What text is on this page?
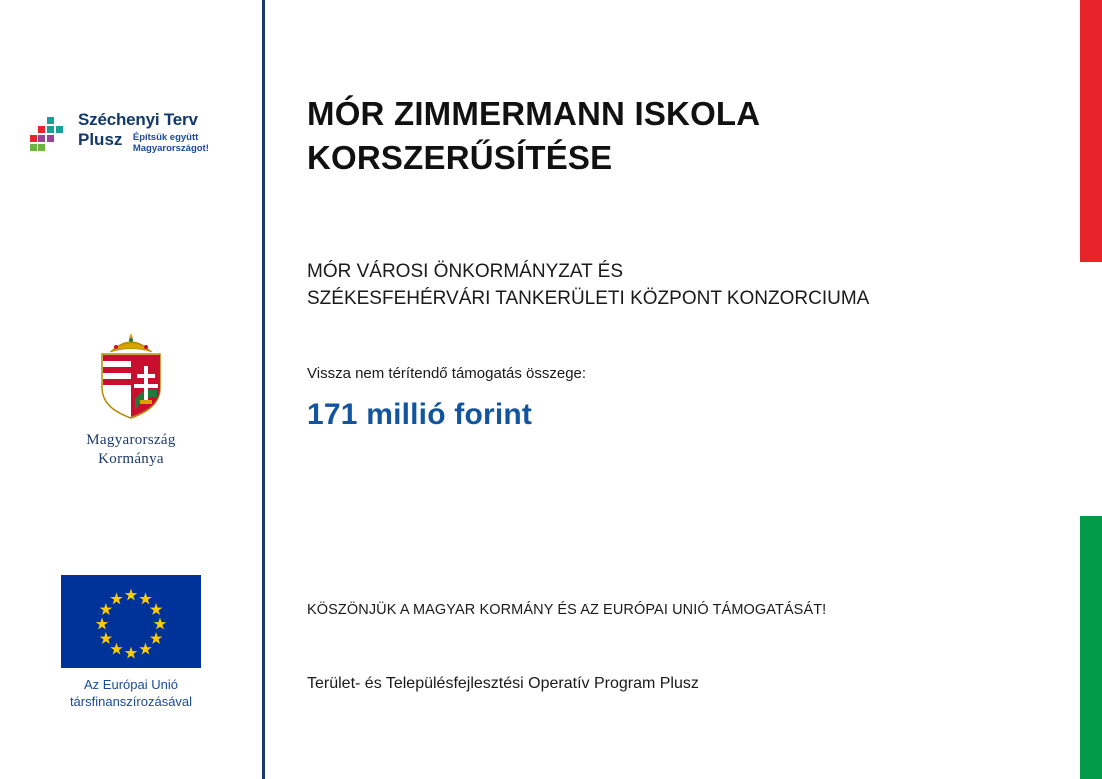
Széchenyi Terv
Plusz Építsük együtt
Magyarországot!
Magyarország
Kormánya
Az Európai Unió
társfinanszírozásával
MÓR ZIMMERMANN ISKOLA KORSZERŰSÍTÉSE
MÓR VÁROSI ÖNKORMÁNYZAT ÉS
SZÉKESFEHÉRVÁRI TANKERÜLETI KÖZPONT KONZORCIUMA
Vissza nem térítendő támogatás összege:
171 millió forint
KÖSZÖNJÜK A MAGYAR KORMÁNY ÉS AZ EURÓPAI UNIÓ TÁMOGATÁSÁT!
Terület- és Településfejlesztési Operatív Program Plusz
